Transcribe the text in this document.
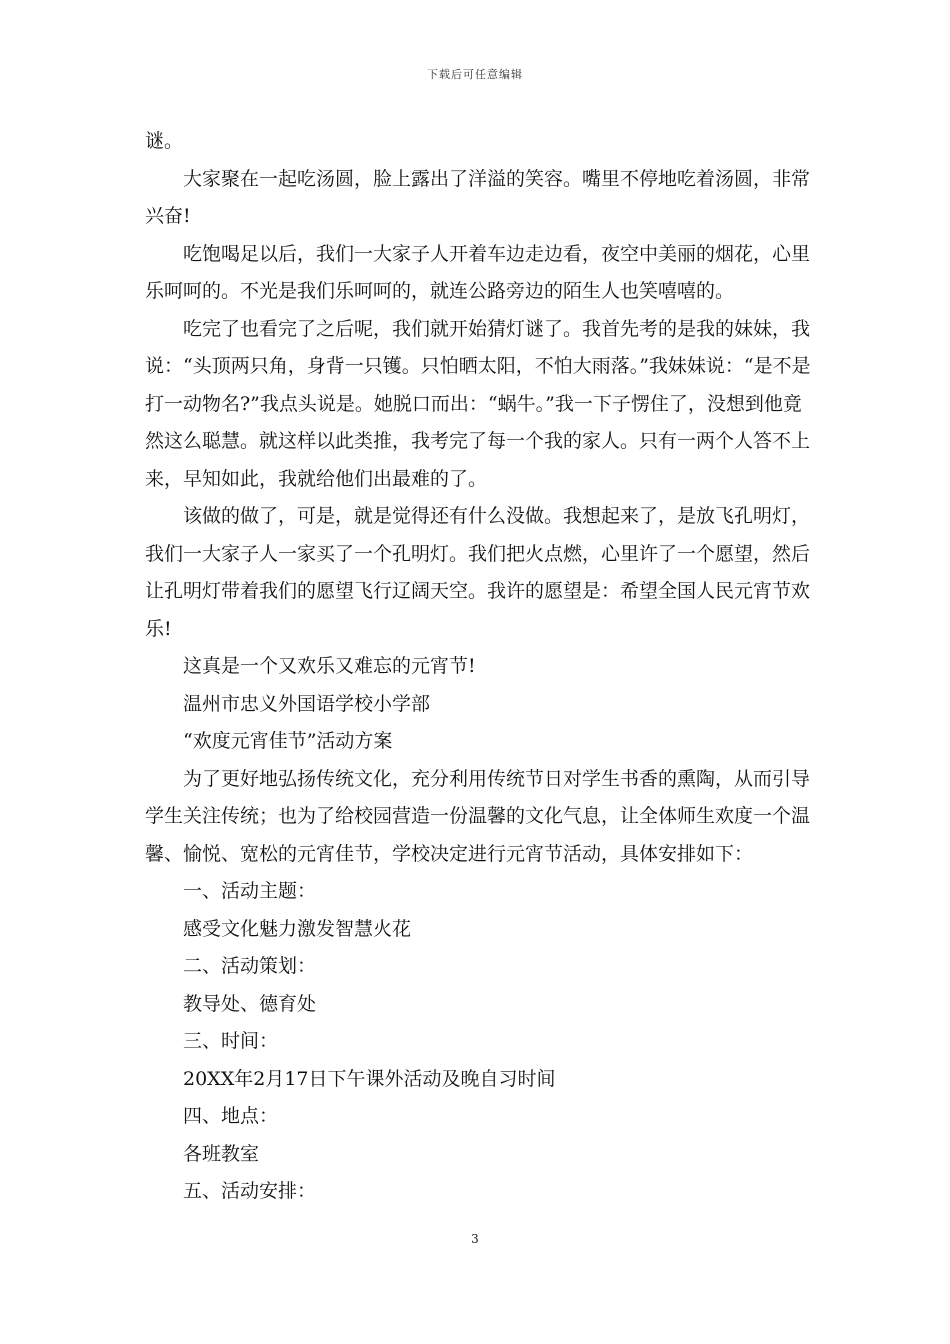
下载后可任意编辑

谜。

大家聚在一起吃汤圆，脸上露出了洋溢的笑容。嘴里不停地吃着汤圆，非常兴奋!

吃饱喝足以后，我们一大家子人开着车边走边看，夜空中美丽的烟花，心里乐呵呵的。不光是我们乐呵呵的，就连公路旁边的陌生人也笑嘻嘻的。

吃完了也看完了之后呢，我们就开始猜灯谜了。我首先考的是我的妹妹，我说：“头顶两只角，身背一只镬。只怕晒太阳，不怕大雨落。”我妹妹说：“是不是打一动物名?”我点头说是。她脱口而出：“蜗牛。”我一下子愣住了，没想到他竟然这么聪慧。就这样以此类推，我考完了每一个我的家人。只有一两个人答不上来，早知如此，我就给他们出最难的了。

该做的做了，可是，就是觉得还有什么没做。我想起来了，是放飞孔明灯，我们一大家子人一家买了一个孔明灯。我们把火点燃，心里许了一个愿望，然后让孔明灯带着我们的愿望飞行辽阔天空。我许的愿望是：希望全国人民元宵节欢乐!

这真是一个又欢乐又难忘的元宵节!

温州市忠义外国语学校小学部

“欢度元宵佳节”活动方案

为了更好地弘扬传统文化，充分利用传统节日对学生书香的熏陶，从而引导学生关注传统；也为了给校园营造一份温馨的文化气息，让全体师生欢度一个温馨、愉悦、宽松的元宵佳节，学校决定进行元宵节活动，具体安排如下：

一、活动主题：

感受文化魅力激发智慧火花

二、活动策划：

教导处、德育处

三、时间：

20XX年2月17日下午课外活动及晚自习时间

四、地点：

各班教室

五、活动安排：

3
